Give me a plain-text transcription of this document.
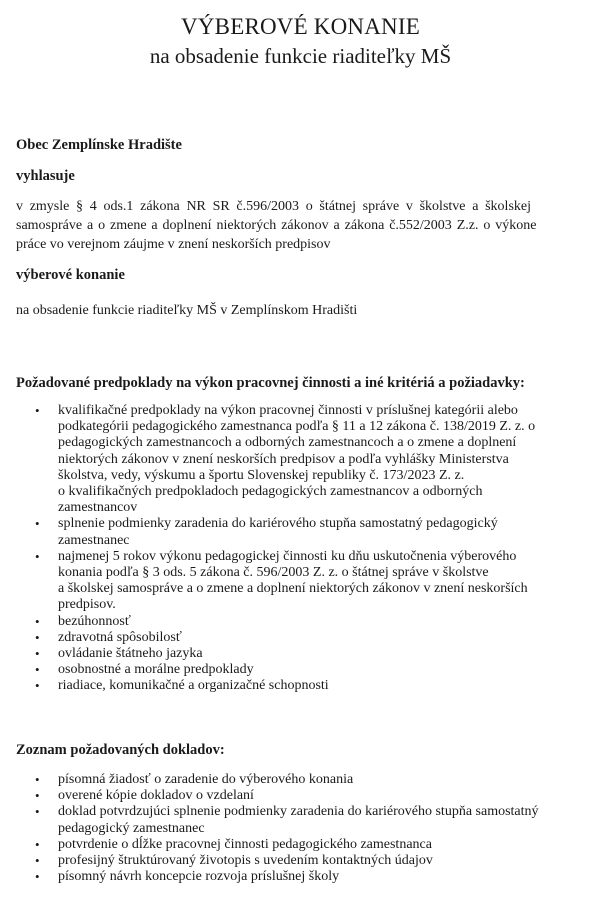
VÝBEROVÉ KONANIE
na obsadenie funkcie riaditeľky MŠ
Obec Zemplínske Hradište
vyhlasuje
v zmysle § 4 ods.1 zákona NR SR č.596/2003 o štátnej správe v školstve a školskej
samospráve a o zmene a doplnení niektorých zákonov a zákona č.552/2003 Z.z. o výkone
práce vo verejnom záujme v znení neskorších predpisov
výberové konanie
na obsadenie funkcie riaditeľky MŠ v Zemplínskom Hradišti
Požadované predpoklady na výkon pracovnej činnosti a iné kritériá a požiadavky:
• kvalifikačné predpoklady na výkon pracovnej činnosti v príslušnej kategórii alebo
podkategórii pedagogického zamestnanca podľa § 11 a 12 zákona č. 138/2019 Z. z. o
pedagogických zamestnancoch a odborných zamestnancoch a o zmene a doplnení
niektorých zákonov v znení neskorších predpisov a podľa vyhlášky Ministerstva
školstva, vedy, výskumu a športu Slovenskej republiky č. 173/2023 Z. z.
o kvalifikačných predpokladoch pedagogických zamestnancov a odborných
zamestnancov
• splnenie podmienky zaradenia do kariérového stupňa samostatný pedagogický
zamestnanec
• najmenej 5 rokov výkonu pedagogickej činnosti ku dňu uskutočnenia výberového
konania podľa § 3 ods. 5 zákona č. 596/2003 Z. z. o štátnej správe v školstve
a školskej samospráve a o zmene a doplnení niektorých zákonov v znení neskorších
predpisov.
• bezúhonnosť
• zdravotná spôsobilosť
• ovládanie štátneho jazyka
• osobnostné a morálne predpoklady
• riadiace, komunikačné a organizačné schopnosti
Zoznam požadovaných dokladov:
• písomná žiadosť o zaradenie do výberového konania
• overené kópie dokladov o vzdelaní
• doklad potvrdzujúci splnenie podmienky zaradenia do kariérového stupňa samostatný
pedagogický zamestnanec
• potvrdenie o dĺžke pracovnej činnosti pedagogického zamestnanca
• profesijný štruktúrovaný životopis s uvedením kontaktných údajov
• písomný návrh koncepcie rozvoja príslušnej školy
